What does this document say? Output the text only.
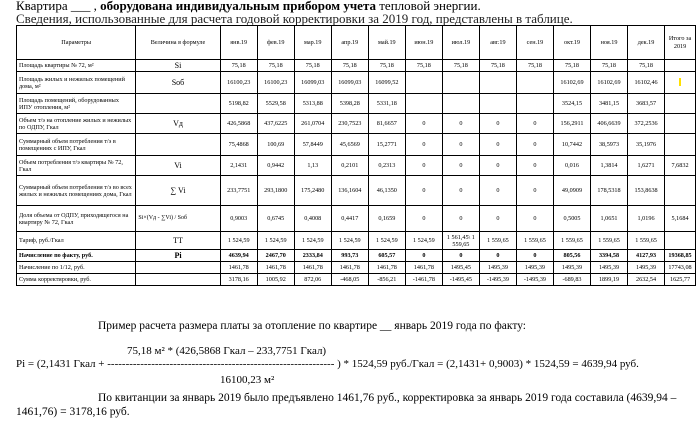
Квартира ___ , оборудована индивидуальным прибором учета тепловой энергии.
Сведения, использованные для расчета годовой корректировки за 2019 год, представлены в таблице.
Параметры	Величина в формуле	янв.19	фев.19	мар.19	апр.19	май.19	июн.19	июл.19	авг.19	сен.19	окт.19	ноя.19	дек.19	Итого за 2019
Площадь квартиры № 72, м²	Si	75,18	75,18	75,18	75,18	75,18	75,18	75,18	75,18	75,18	75,18	75,18	75,18	
Площадь жилых и нежилых помещений дома, м²	Sоб	16100,23	16100,23	16099,03	16099,03	16099,52					16102,69	16102,69	16102,46	
Площадь помещений, оборудованных ИПУ отопления, м²		5198,82	5529,58	5313,88	5398,28	5331,18					3524,15	3481,15	3683,57	
Объем т/э на отопление жилых и нежилых по ОДПУ, Гкал	Vд	426,5868	437,6225	261,0704	230,7523	81,6657	0	0	0	0	156,2911	406,6639	372,2536	
Суммарный объем потребления т/э в помещениях с ИПУ, Гкал		75,4868	100,69	57,8449	45,6569	15,2771	0	0	0	0	10,7442	38,5973	35,1976	
Объем потребления т/э квартиры № 72, Гкал	Vi	2,1431	0,9442	1,13	0,2101	0,2313	0	0	0	0	0,016	1,3814	1,6271	7,6832
Суммарный объем потребления т/э во всех жилых и нежилых помещениях дома, Гкал	∑ Vi	233,7751	293,1800	175,2480	136,1604	46,1350	0	0	0	0	49,0909	178,5318	153,8638	
Доля объема от ОДПУ, приходящегося на квартиру № 72, Гкал	Si×(Vд - ∑Vi) / Sоб	0,9003	0,6745	0,4008	0,4417	0,1659	0	0	0	0	0,5005	1,0651	1,0196	5,1684
Тариф, руб./Гкал	TT	1 524,59	1 524,59	1 524,59	1 524,59	1 524,59	1 524,59	1 561,45\ 1 559,65	1 559,65	1 559,65	1 559,65	1 559,65	1 559,65	
Начисление по факту, руб.	Pi	4639,94	2467,70	2333,84	993,73	605,57	0	0	0	0	805,56	3394,58	4127,93	19368,85
Начисление по 1/12, руб.		1461,78	1461,78	1461,78	1461,78	1461,78	1461,78	1495,45	1495,39	1495,39	1495,39	1495,39	1495,39	17743,08
Сумма корректировки, руб.		3178,16	1005,92	872,06	-468,05	-856,21	-1461,78	-1495,45	-1495,39	-1495,39	-689,83	1899,19	2632,54	1625,77
Пример расчета размера платы за отопление по квартире __ январь 2019 года по факту:
75,18 м² * (426,5868 Гкал – 233,7751 Гкал)
Pi = (2,1431 Гкал + -------------------------------------------------------------- ) * 1524,59 руб./Гкал = (2,1431+ 0,9003) * 1524,59 = 4639,94 руб.
16100,23 м²
По квитанции за январь 2019 было предъявлено 1461,76 руб., корректировка за январь 2019 года составила (4639,94 –
1461,76) = 3178,16 руб.
